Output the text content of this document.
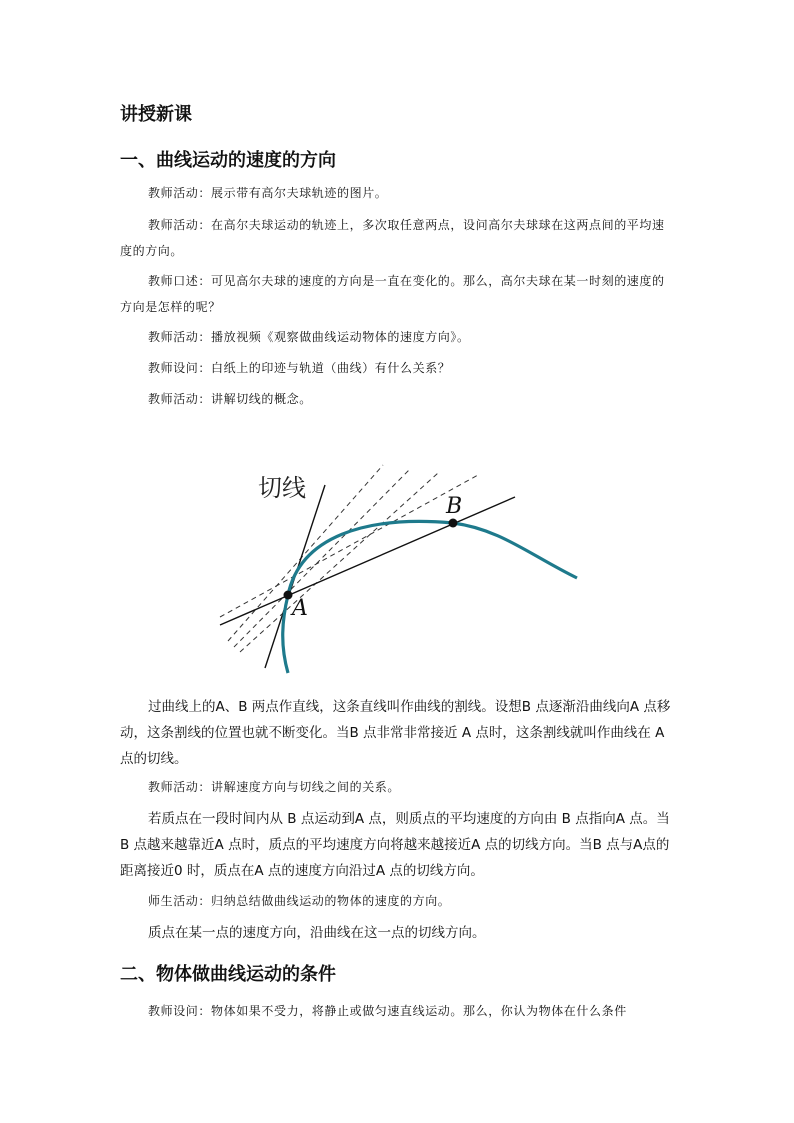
讲授新课
一、曲线运动的速度的方向

教师活动：展示带有高尔夫球轨迹的图片。

教师活动：在高尔夫球运动的轨迹上，多次取任意两点，设问高尔夫球球在这两点间的平均速度的方向。

教师口述：可见高尔夫球的速度的方向是一直在变化的。那么，高尔夫球在某一时刻的速度的方向是怎样的呢？

教师活动：播放视频《观察做曲线运动物体的速度方向》。

教师设问：白纸上的印迹与轨道（曲线）有什么关系？

教师活动：讲解切线的概念。

切线
A
B

过曲线上的A、B 两点作直线，这条直线叫作曲线的割线。设想B 点逐渐沿曲线向A 点移动，这条割线的位置也就不断变化。当B 点非常非常接近 A 点时，这条割线就叫作曲线在 A 点的切线。

教师活动：讲解速度方向与切线之间的关系。

若质点在一段时间内从 B 点运动到A 点，则质点的平均速度的方向由 B 点指向A 点。当B 点越来越靠近A 点时，质点的平均速度方向将越来越接近A 点的切线方向。当B 点与A点的距离接近0 时，质点在A 点的速度方向沿过A 点的切线方向。

师生活动：归纳总结做曲线运动的物体的速度的方向。

质点在某一点的速度方向，沿曲线在这一点的切线方向。

二、物体做曲线运动的条件

教师设问：物体如果不受力，将静止或做匀速直线运动。那么，你认为物体在什么条件
